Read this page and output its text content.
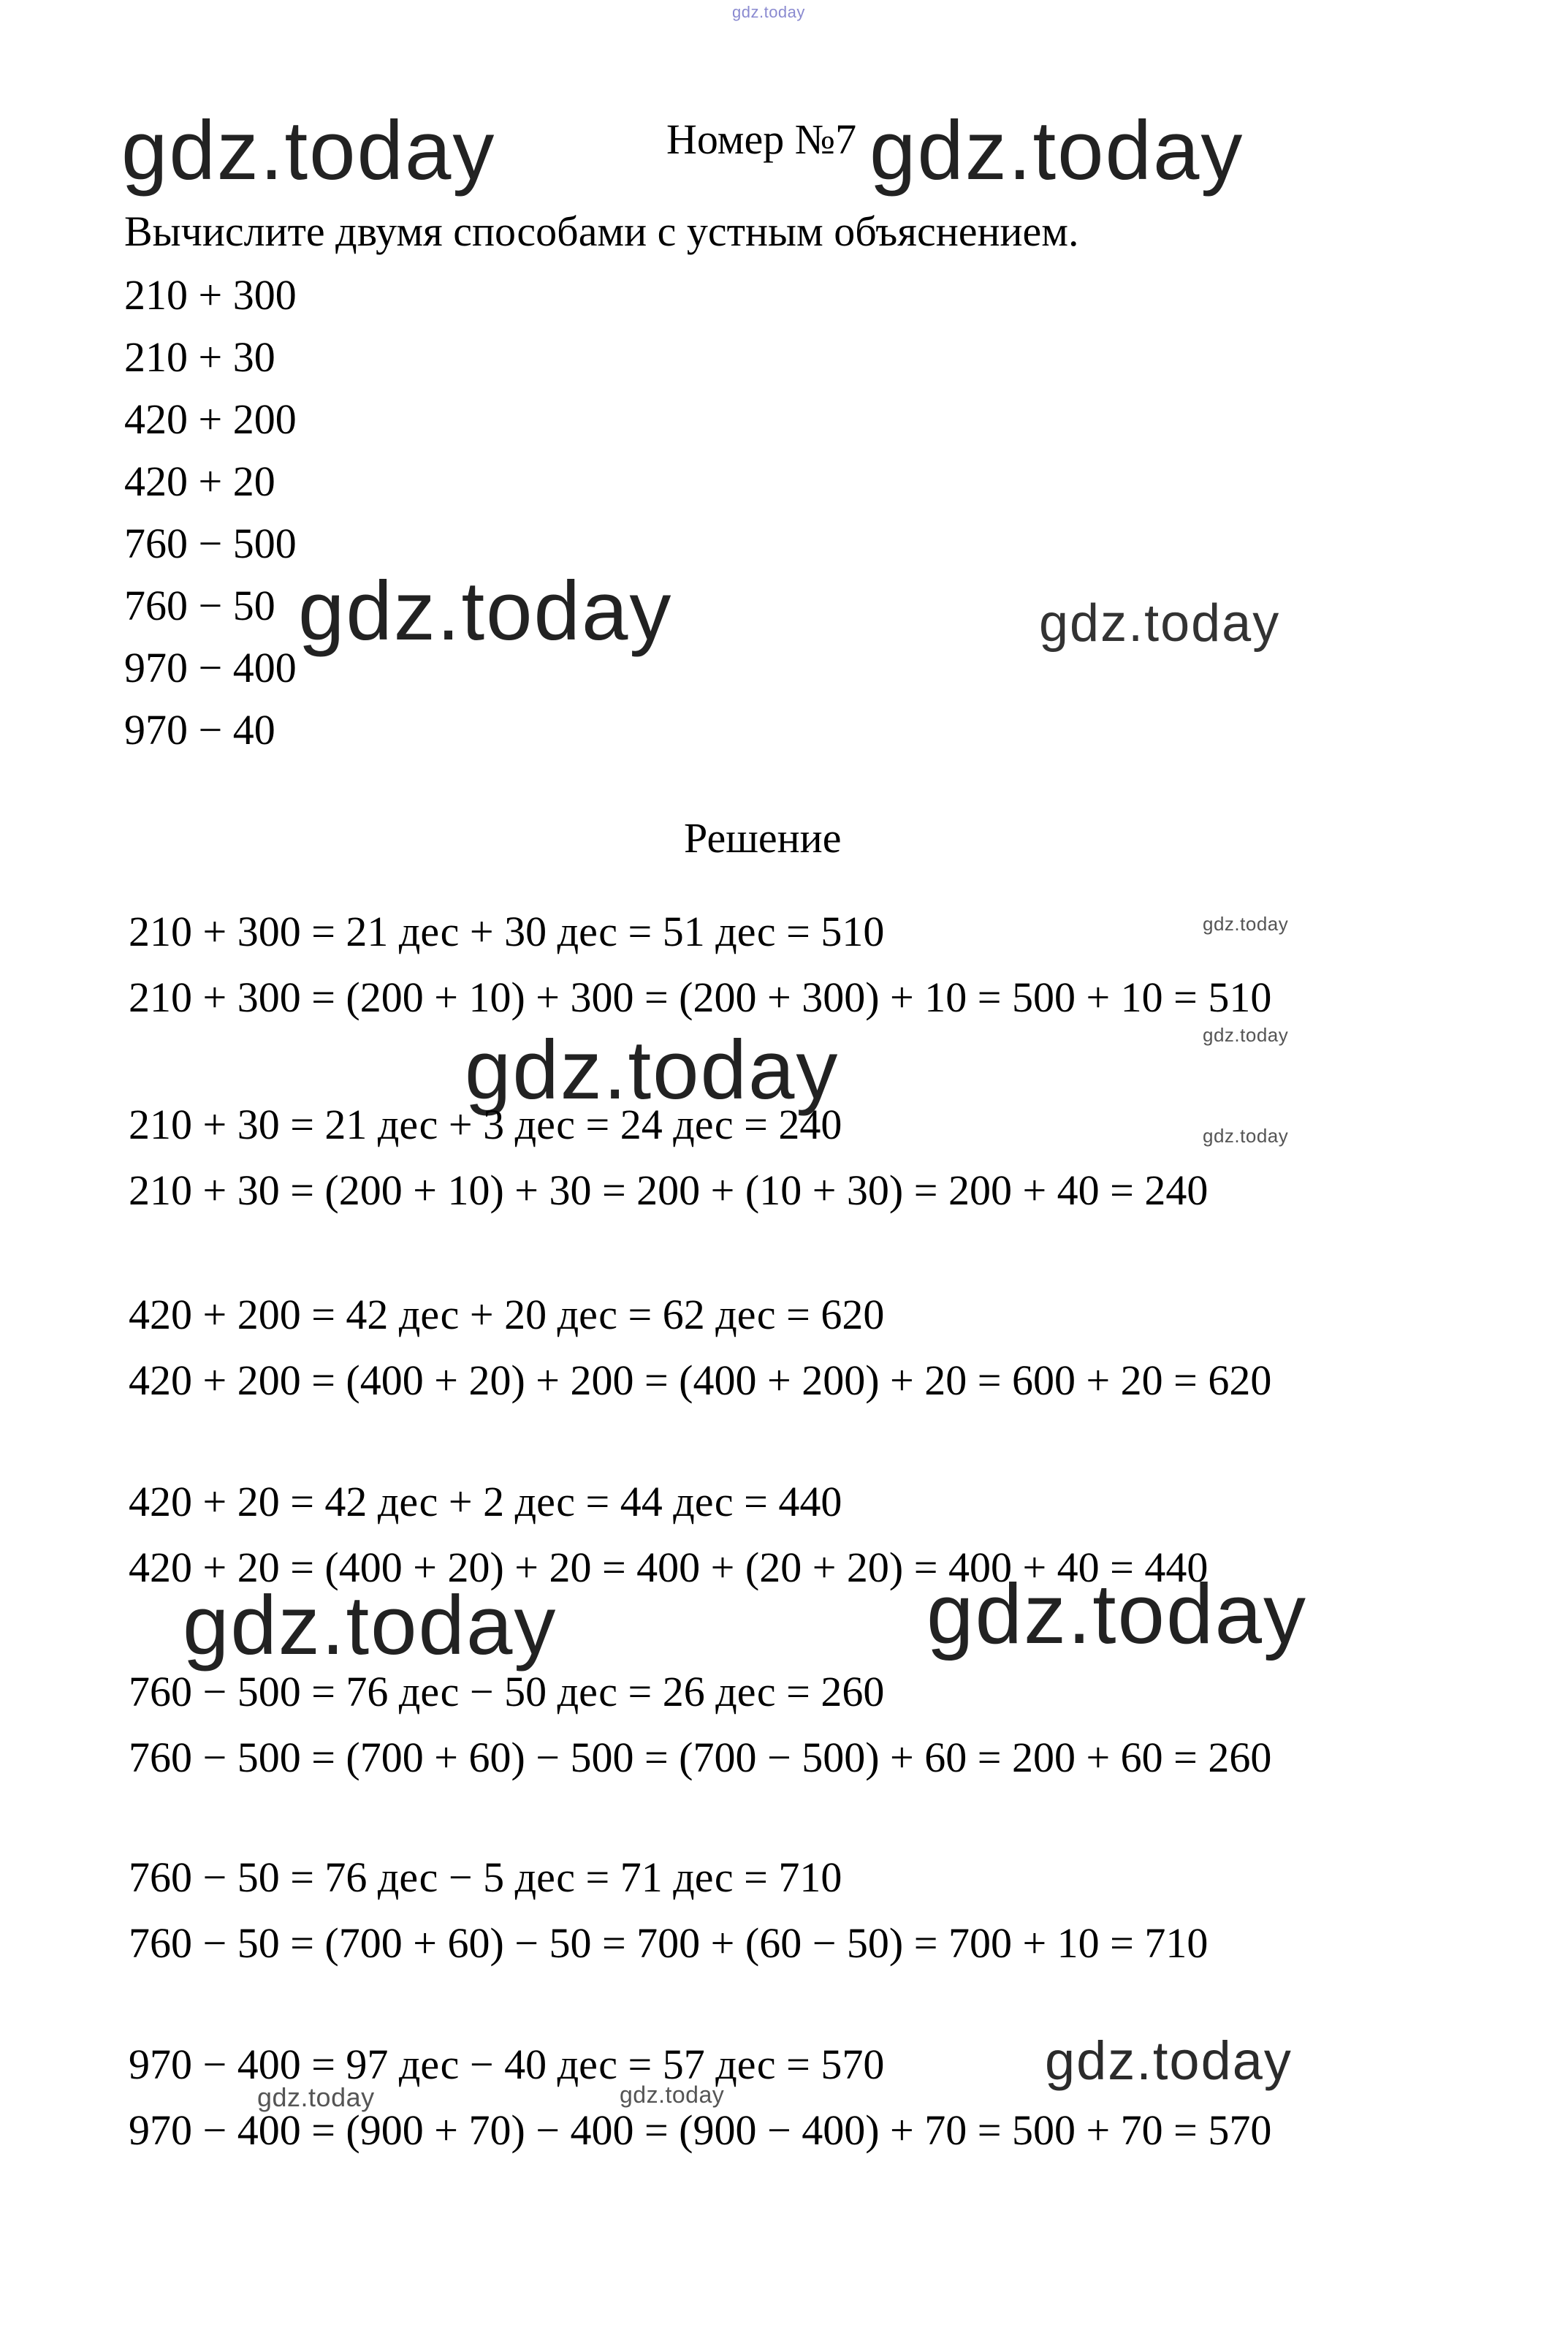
gdz.today
gdz.today	Номер №7 gdz.today
Вычислите двумя способами с устным объяснением.
210 + 300
210 + 30
420 + 200
420 + 20
760 − 500
760 − 50
970 − 400
970 − 40
gdz.today	gdz.today
Решение
gdz.today
gdz.today
gdz.today
gdz.today
210 + 300 = 21 дес + 30 дес = 51 дес = 510
210 + 300 = (200 + 10) + 300 = (200 + 300) + 10 = 500 + 10 = 510
210 + 30 = 21 дес + 3 дес = 24 дес = 240
210 + 30 = (200 + 10) + 30 = 200 + (10 + 30) = 200 + 40 = 240
420 + 200 = 42 дес + 20 дес = 62 дес = 620
420 + 200 = (400 + 20) + 200 = (400 + 200) + 20 = 600 + 20 = 620
420 + 20 = 42 дес + 2 дес = 44 дес = 440
420 + 20 = (400 + 20) + 20 = 400 + (20 + 20) = 400 + 40 = 440
gdz.today	gdz.today
760 − 500 = 76 дес − 50 дес = 26 дес = 260
760 − 500 = (700 + 60) − 500 = (700 − 500) + 60 = 200 + 60 = 260
760 − 50 = 76 дес − 5 дес = 71 дес = 710
760 − 50 = (700 + 60) − 50 = 700 + (60 − 50) = 700 + 10 = 710
gdz.today
970 − 400 = 97 дес − 40 дес = 57 дес = 570
970 − 400 = (900 + 70) − 400 = (900 − 400) + 70 = 500 + 70 = 570
gdz.today	gdz.today
